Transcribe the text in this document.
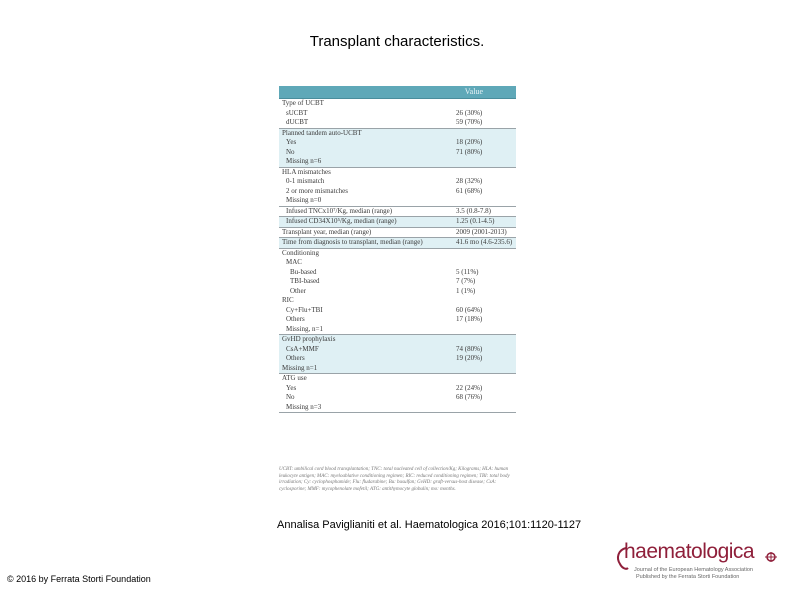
Transplant characteristics.
Value
Type of UCBT
sUCBT	26 (30%)
dUCBT	59 (70%)
Planned tandem auto-UCBT
Yes	18 (20%)
No	71 (80%)
Missing n=6
HLA mismatches
0-1 mismatch	28 (32%)
2 or more mismatches	61 (68%)
Missing n=0
Infused TNCx10⁷/Kg, median (range)	3.5 (0.8-7.8)
Infused CD34X10⁵/Kg, median (range)	1.25 (0.1-4.5)
Transplant year, median (range)	2009 (2001-2013)
Time from diagnosis to transplant, median (range)	41.6 mo (4.6-235.6)
Conditioning
MAC
Bu-based	5 (11%)
TBI-based	7 (7%)
Other	1 (1%)
RIC
Cy+Flu+TBI	60 (64%)
Others	17 (18%)
Missing, n=1
GvHD prophylaxis
CsA+MMF	74 (80%)
Others	19 (20%)
Missing n=1
ATG use
Yes	22 (24%)
No	68 (76%)
Missing n=3
UCBT: umbilical cord blood transplantation; TNC: total nucleated cell of collection/Kg; Kilograms; HLA: human leukocyte antigen; MAC: myeloablative conditioning regimen; RIC: reduced conditioning regimen; TBI: total body irradiation; Cy: cyclophosphamide; Flu: fludarabine; Bu: busulfan; GvHD: graft-versus-host disease; CsA: cyclosporine; MMF: mycophenolate mofetil; ATG: antithymocyte globulin; mo: months.
Annalisa Paviglianiti et al. Haematologica 2016;101:1120-1127
© 2016 by Ferrata Storti Foundation
haematologica
Journal of the European Hematology Association
Published by the Ferrata Storti Foundation
